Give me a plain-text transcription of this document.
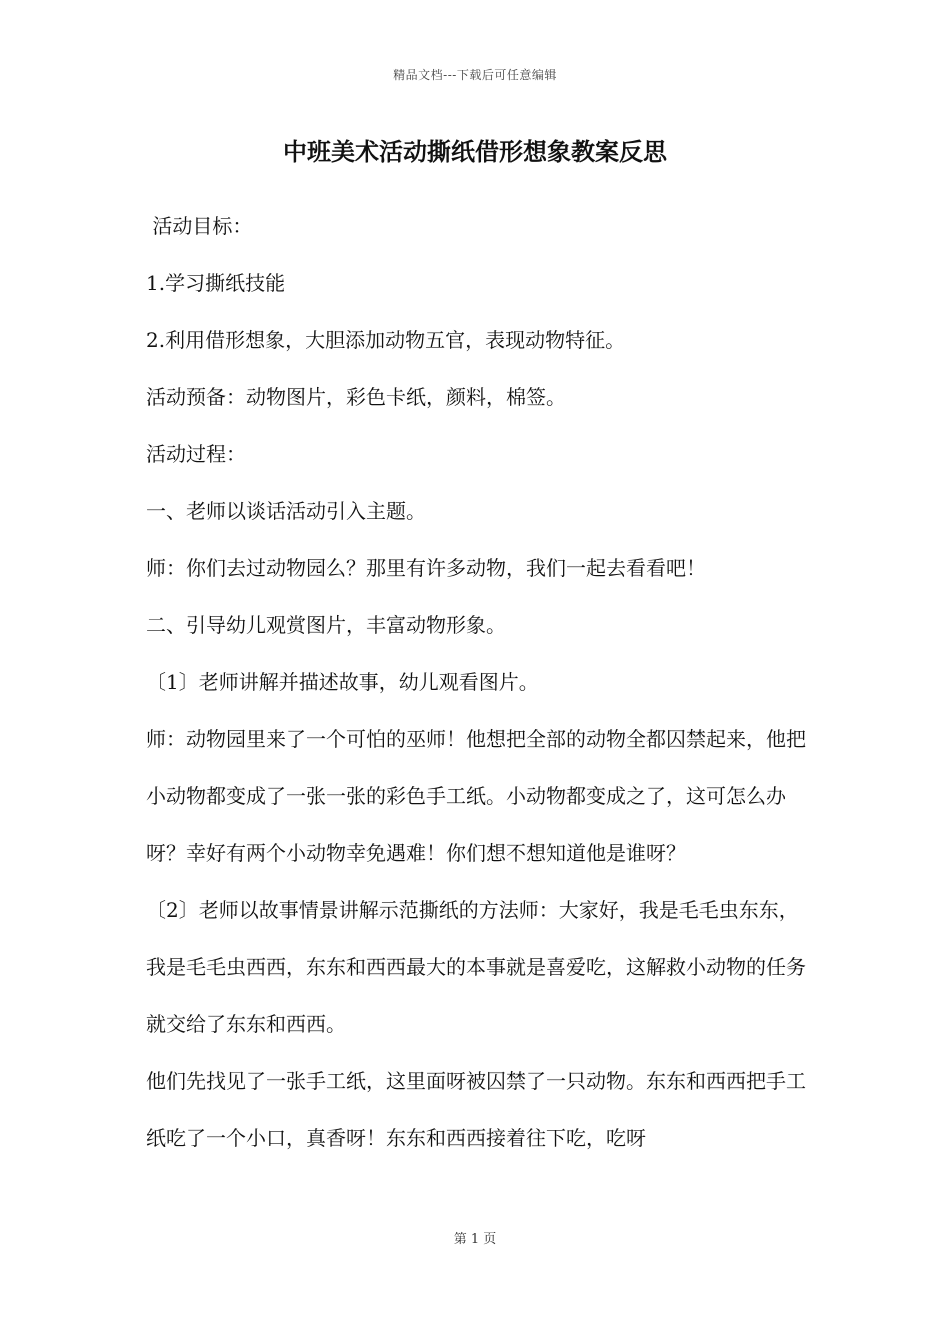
精品文档---下载后可任意编辑
中班美术活动撕纸借形想象教案反思

活动目标：

1.学习撕纸技能

2.利用借形想象，大胆添加动物五官，表现动物特征。

活动预备：动物图片，彩色卡纸，颜料，棉签。

活动过程：

一、老师以谈话活动引入主题。

师：你们去过动物园么？那里有许多动物，我们一起去看看吧！

二、引导幼儿观赏图片，丰富动物形象。

〔1〕老师讲解并描述故事，幼儿观看图片。

师：动物园里来了一个可怕的巫师！他想把全部的动物全都囚禁起来，他把小动物都变成了一张一张的彩色手工纸。小动物都变成之了，这可怎么办呀？幸好有两个小动物幸免遇难！你们想不想知道他是谁呀？

〔2〕老师以故事情景讲解示范撕纸的方法师：大家好，我是毛毛虫东东，我是毛毛虫西西，东东和西西最大的本事就是喜爱吃，这解救小动物的任务就交给了东东和西西。

他们先找见了一张手工纸，这里面呀被囚禁了一只动物。东东和西西把手工纸吃了一个小口，真香呀！东东和西西接着往下吃，吃呀

第 1 页
